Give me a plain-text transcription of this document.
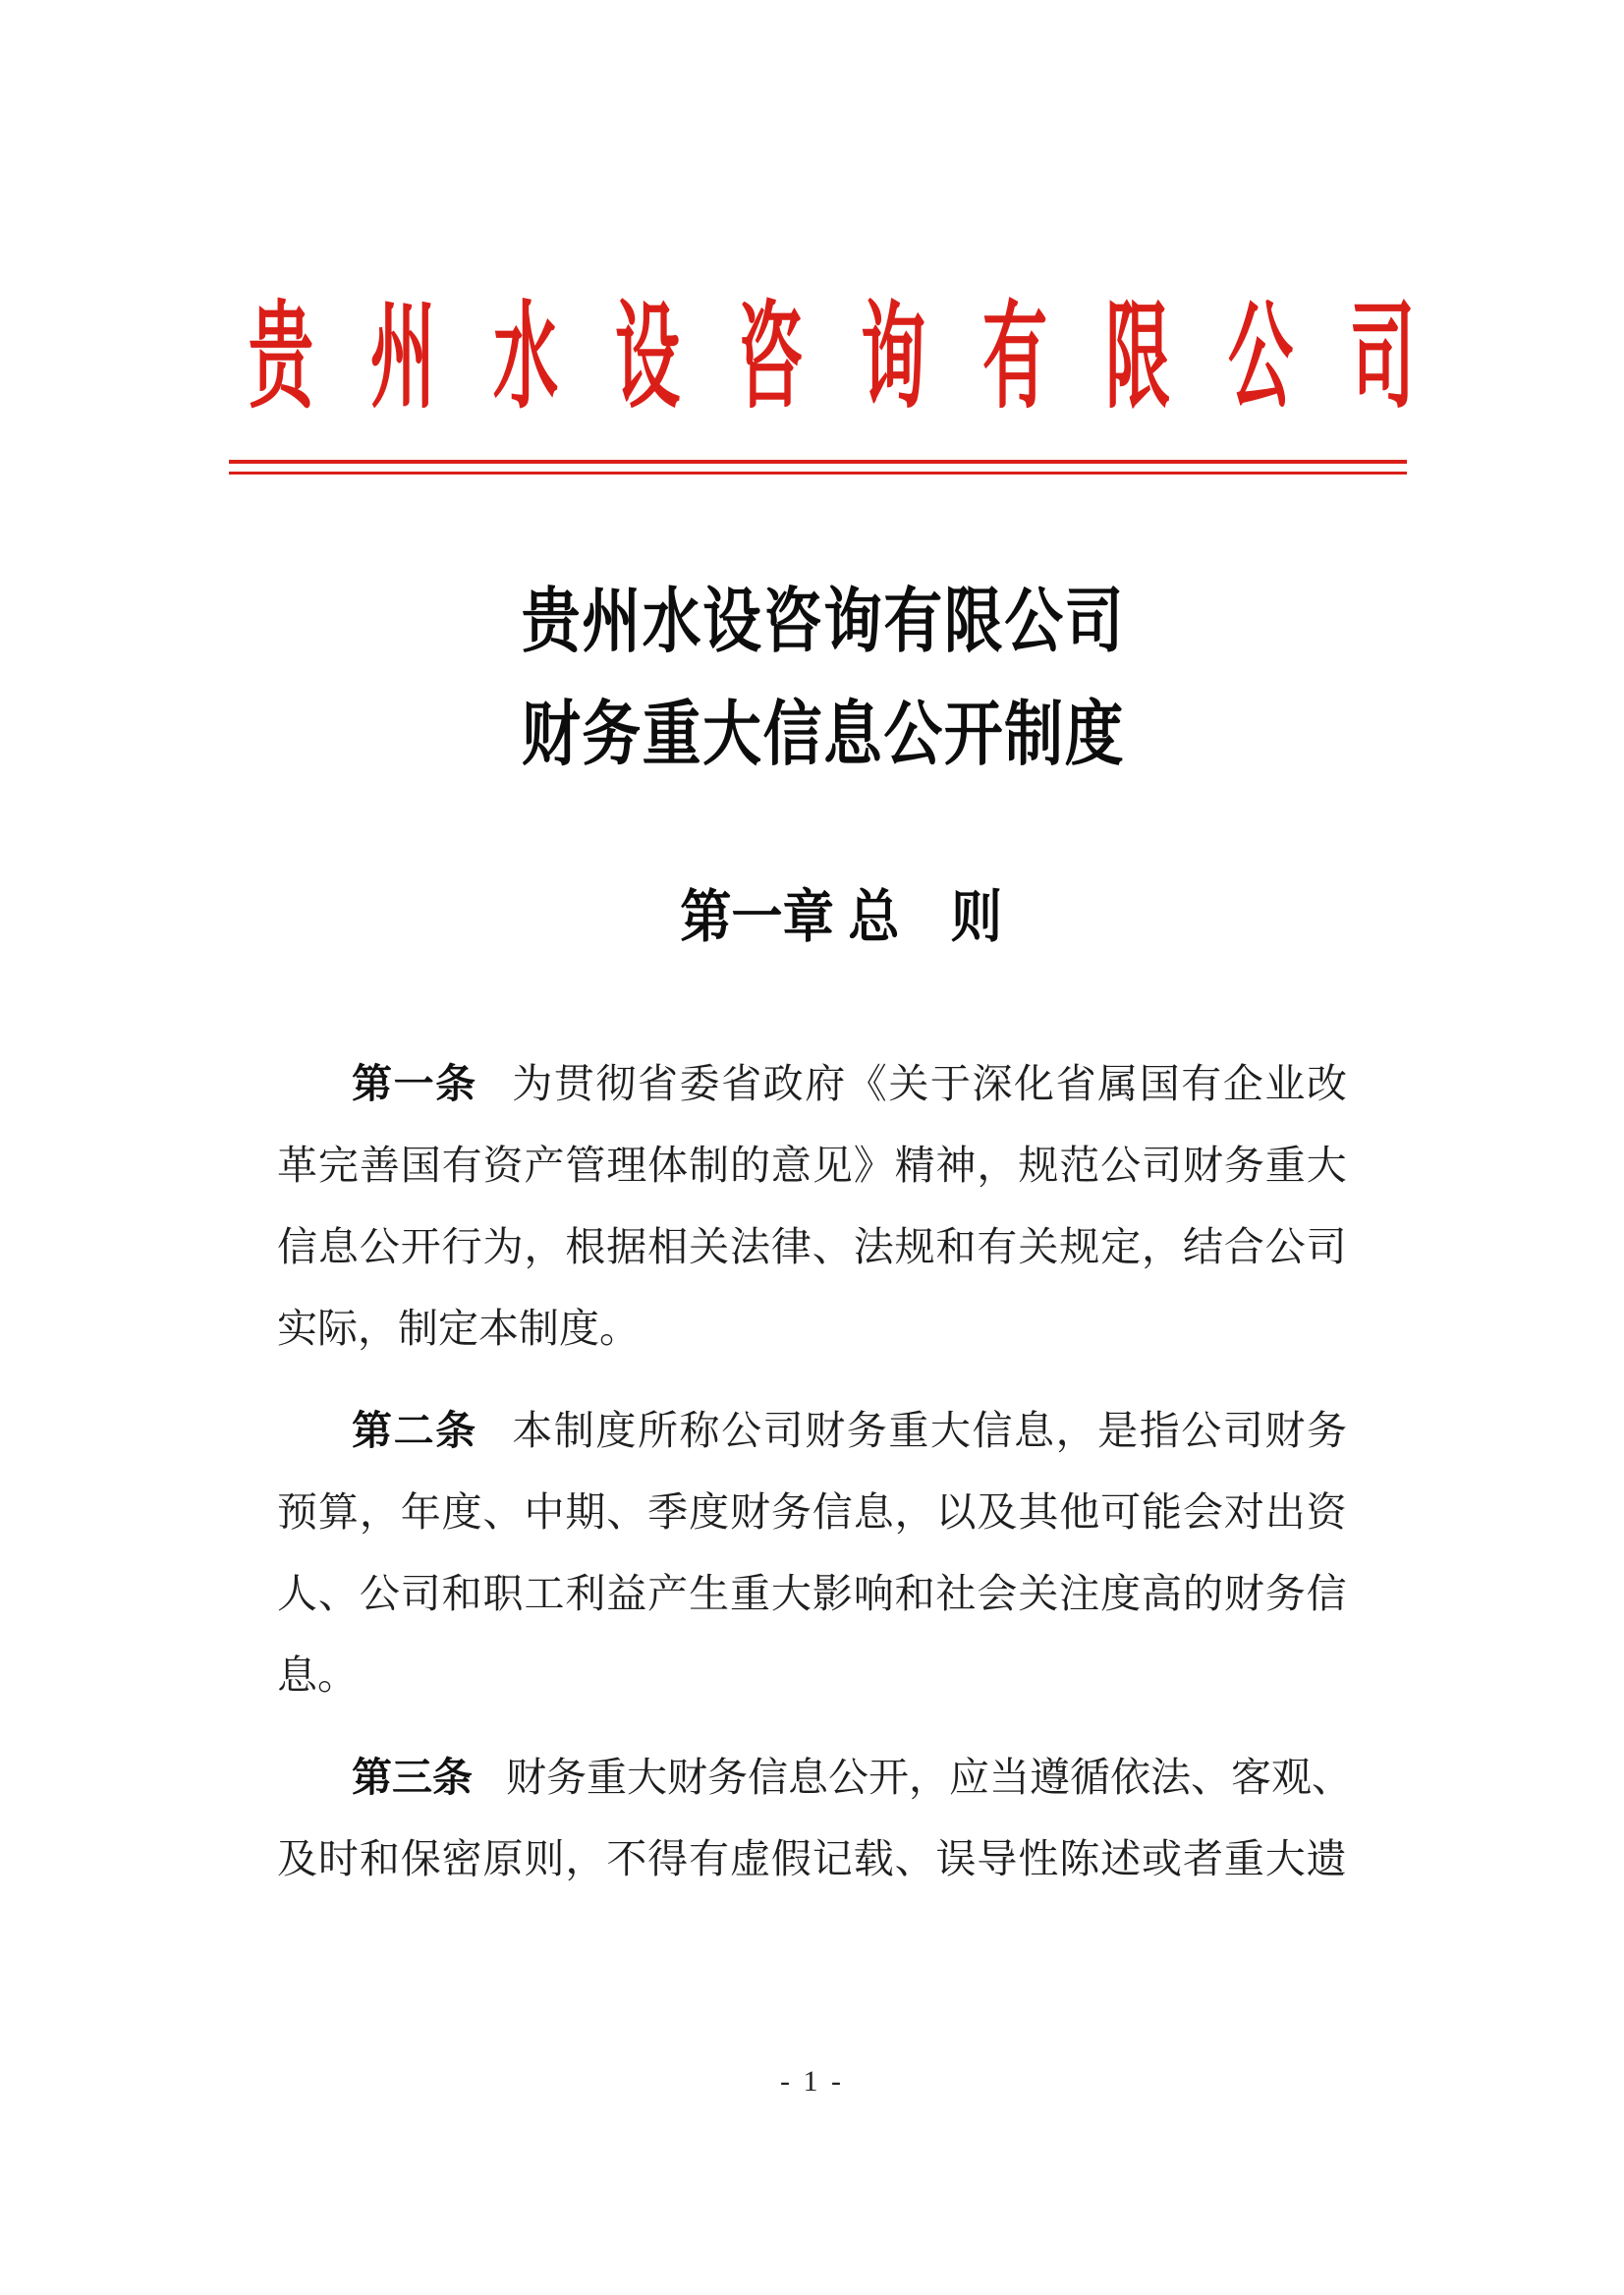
贵 州 水 设 咨 询 有 限 公 司
贵州水设咨询有限公司
财务重大信息公开制度
第一章 总　则
第 一 条 为 贯 彻 省 委 省 政 府 《 关 于 深 化 省 属 国 有 企 业 改
革 完 善 国 有 资 产 管 理 体 制 的 意 见 》 精 神 ， 规 范 公 司 财 务 重 大
信 息 公 开 行 为 ， 根 据 相 关 法 律 、 法 规 和 有 关 规 定 ， 结 合 公 司
实 际 ， 制 定 本 制 度 。
第 二 条 本 制 度 所 称 公 司 财 务 重 大 信 息 ， 是 指 公 司 财 务
预 算 ， 年 度 、 中 期 、 季 度 财 务 信 息 ， 以 及 其 他 可 能 会 对 出 资
人 、 公 司 和 职 工 利 益 产 生 重 大 影 响 和 社 会 关 注 度 高 的 财 务 信
息 。
第 三 条 财 务 重 大 财 务 信 息 公 开 ， 应 当 遵 循 依 法 、 客 观 、
及 时 和 保 密 原 则 ， 不 得 有 虚 假 记 载 、 误 导 性 陈 述 或 者 重 大 遗
- 1 -
